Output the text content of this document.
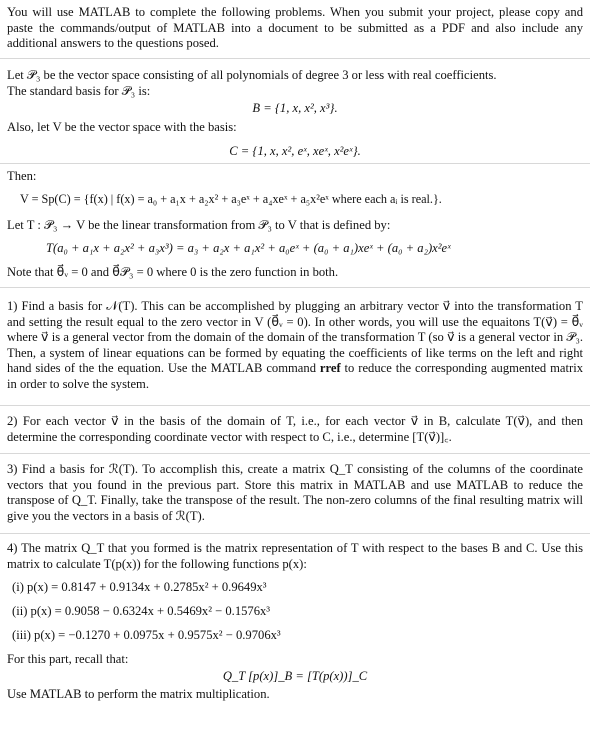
You will use MATLAB to complete the following problems. When you submit your project, please copy and paste the commands/output of MATLAB into a document to be submitted as a PDF and also include any additional answers to the questions posed.
Let 𝒫₃ be the vector space consisting of all polynomials of degree 3 or less with real coefficients.
The standard basis for 𝒫₃ is:
B = {1, x, x², x³}.
Also, let V be the vector space with the basis:
C = {1, x, x², eˣ, xeˣ, x²eˣ}.
Then:
V = Sp(C) = {f(x) | f(x) = a₀ + a₁x + a₂x² + a₃eˣ + a₄xeˣ + a₅x²eˣ where each aᵢ is real.}.
Let T : 𝒫₃ → V be the linear transformation from 𝒫₃ to V that is defined by:
T(a₀ + a₁x + a₂x² + a₃x³) = a₃ + a₂x + a₁x² + a₀eˣ + (a₀ + a₁)xeˣ + (a₀ + a₂)x²eˣ
Note that θ⃗ᵥ = 0 and θ⃗𝒫₃ = 0 where 0 is the zero function in both.
1) Find a basis for 𝒩(T). This can be accomplished by plugging an arbitrary vector v⃗ into the transformation T and setting the result equal to the zero vector in V (θ⃗ᵥ = 0). In other words, you will use the equaitons T(v⃗) = θ⃗ᵥ where v⃗ is a general vector from the domain of the domain of the transformation T (so v⃗ is a general vector in 𝒫₃. Then, a system of linear equations can be formed by equating the coefficients of like terms on the left and right hand sides of the the equation. Use the MATLAB command rref to reduce the corresponding augmented matrix in order to solve the system.
2) For each vector v⃗ in the basis of the domain of T, i.e., for each vector v⃗ in B, calculate T(v⃗), and then determine the corresponding coordinate vector with respect to C, i.e., determine [T(v⃗)]꜀.
3) Find a basis for ℛ(T). To accomplish this, create a matrix Q_T consisting of the columns of the coordinate vectors that you found in the previous part. Store this matrix in MATLAB and use MATLAB to reduce the transpose of Q_T. Finally, take the transpose of the result. The non-zero columns of the final resulting matrix will give you the vectors in a basis of ℛ(T).
4) The matrix Q_T that you formed is the matrix representation of T with respect to the bases B and C. Use this matrix to calculate T(p(x)) for the following functions p(x):
(i) p(x) = 0.8147 + 0.9134x + 0.2785x² + 0.9649x³
(ii) p(x) = 0.9058 − 0.6324x + 0.5469x² − 0.1576x³
(iii) p(x) = −0.1270 + 0.0975x + 0.9575x² − 0.9706x³
For this part, recall that:
Q_T [p(x)]_B = [T(p(x))]_C
Use MATLAB to perform the matrix multiplication.
